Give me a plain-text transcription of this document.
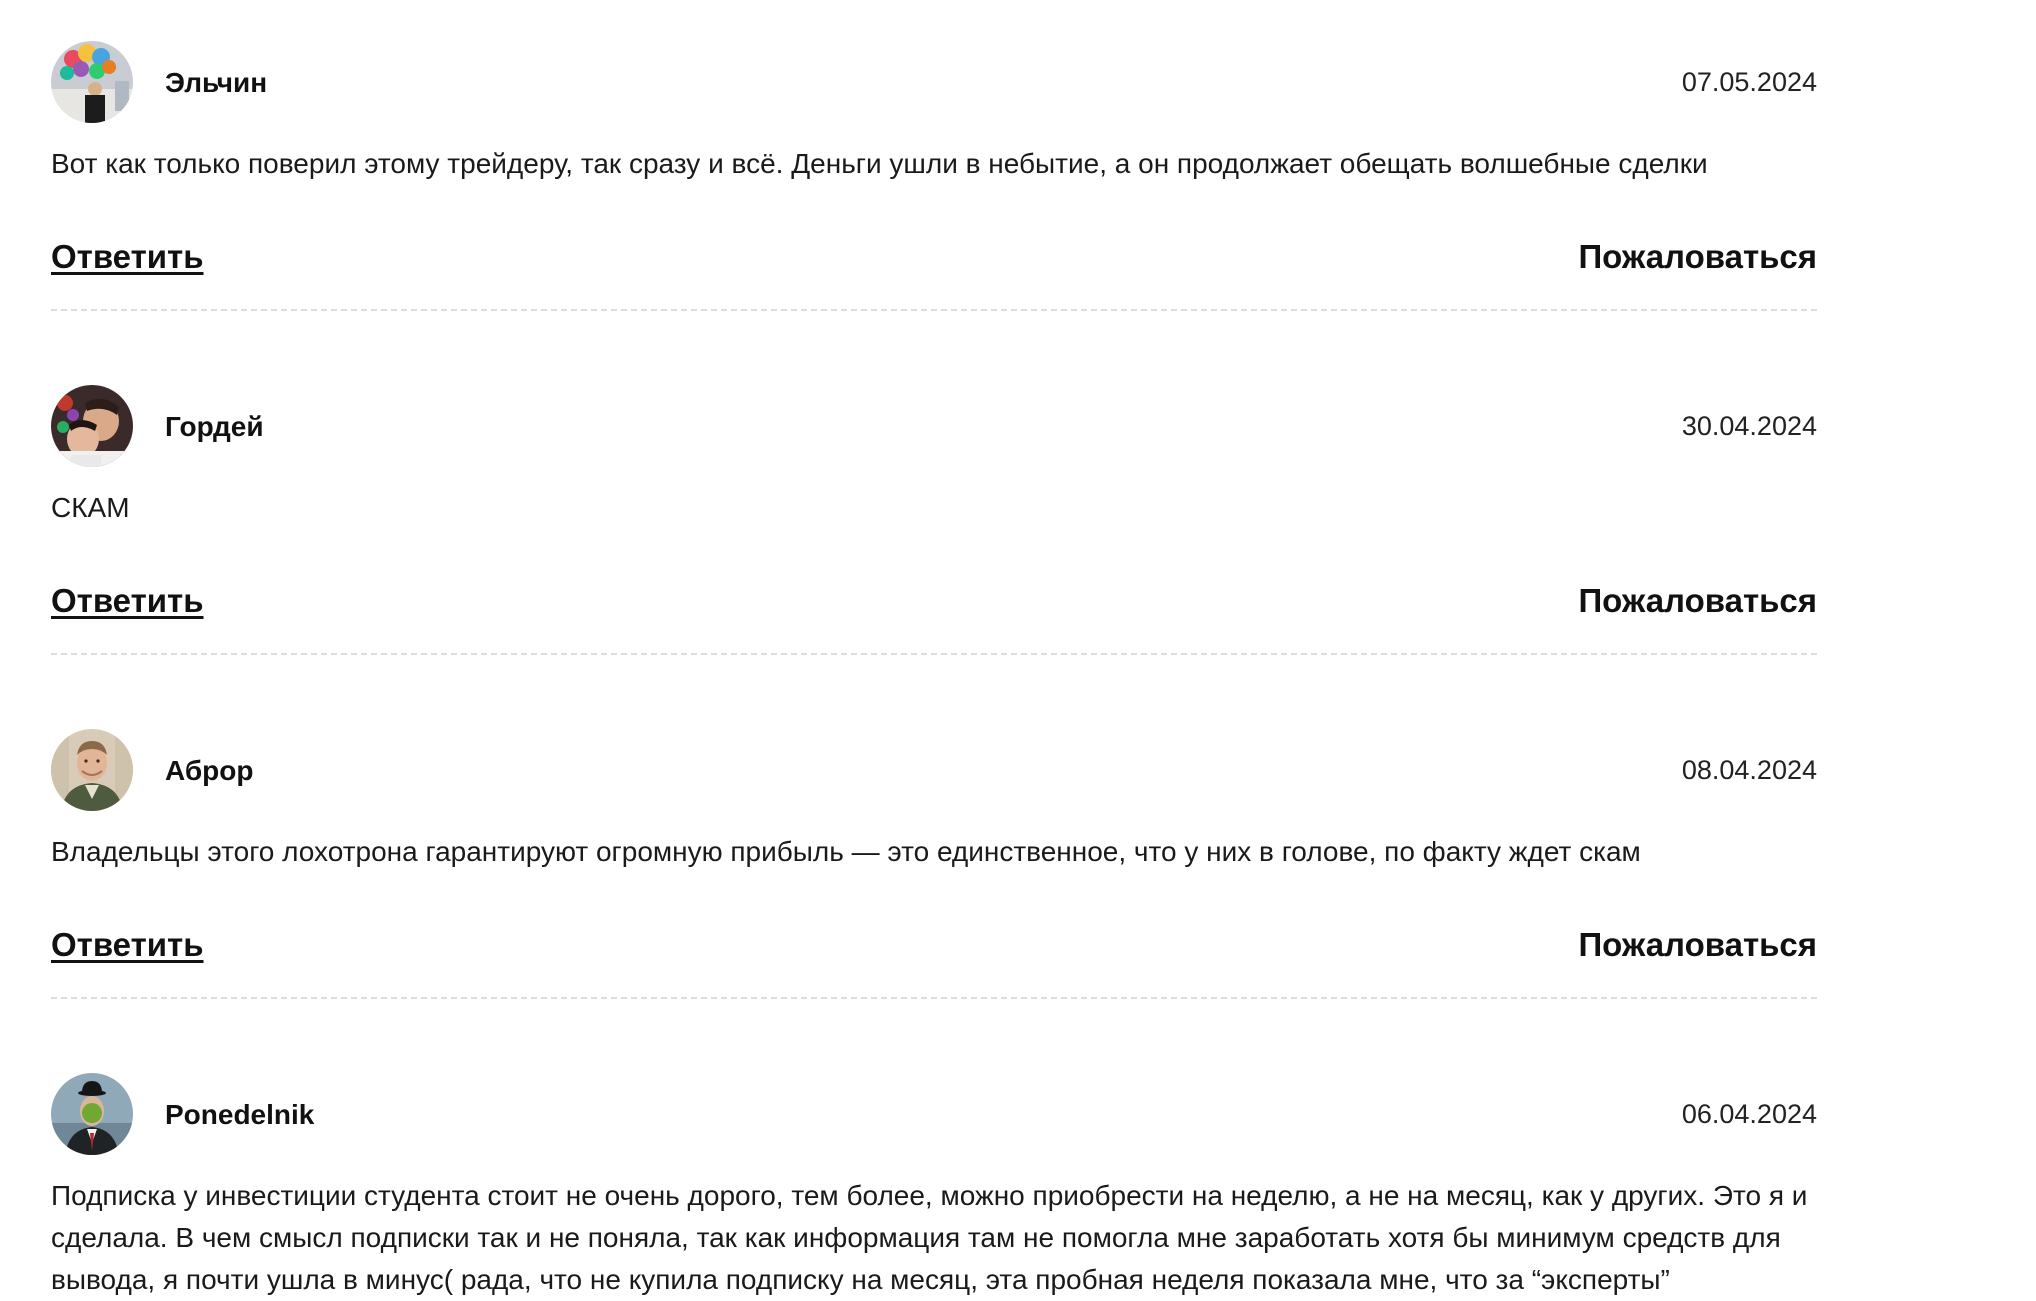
Эльчин	07.05.2024
Вот как только поверил этому трейдеру, так сразу и всё. Деньги ушли в небытие, а он продолжает обещать волшебные сделки
Ответить	Пожаловаться
Гордей	30.04.2024
СКАМ
Ответить	Пожаловаться
Аброр	08.04.2024
Владельцы этого лохотрона гарантируют огромную прибыль — это единственное, что у них в голове, по факту ждет скам
Ответить	Пожаловаться
Ponedelnik	06.04.2024
Подписка у инвестиции студента стоит не очень дорого, тем более, можно приобрести на неделю, а не на месяц, как у других. Это я и сделала. В чем смысл подписки так и не поняла, так как информация там не помогла мне заработать хотя бы минимум средств для вывода, я почти ушла в минус( рада, что не купила подписку на месяц, эта пробная неделя показала мне, что за “эксперты”
